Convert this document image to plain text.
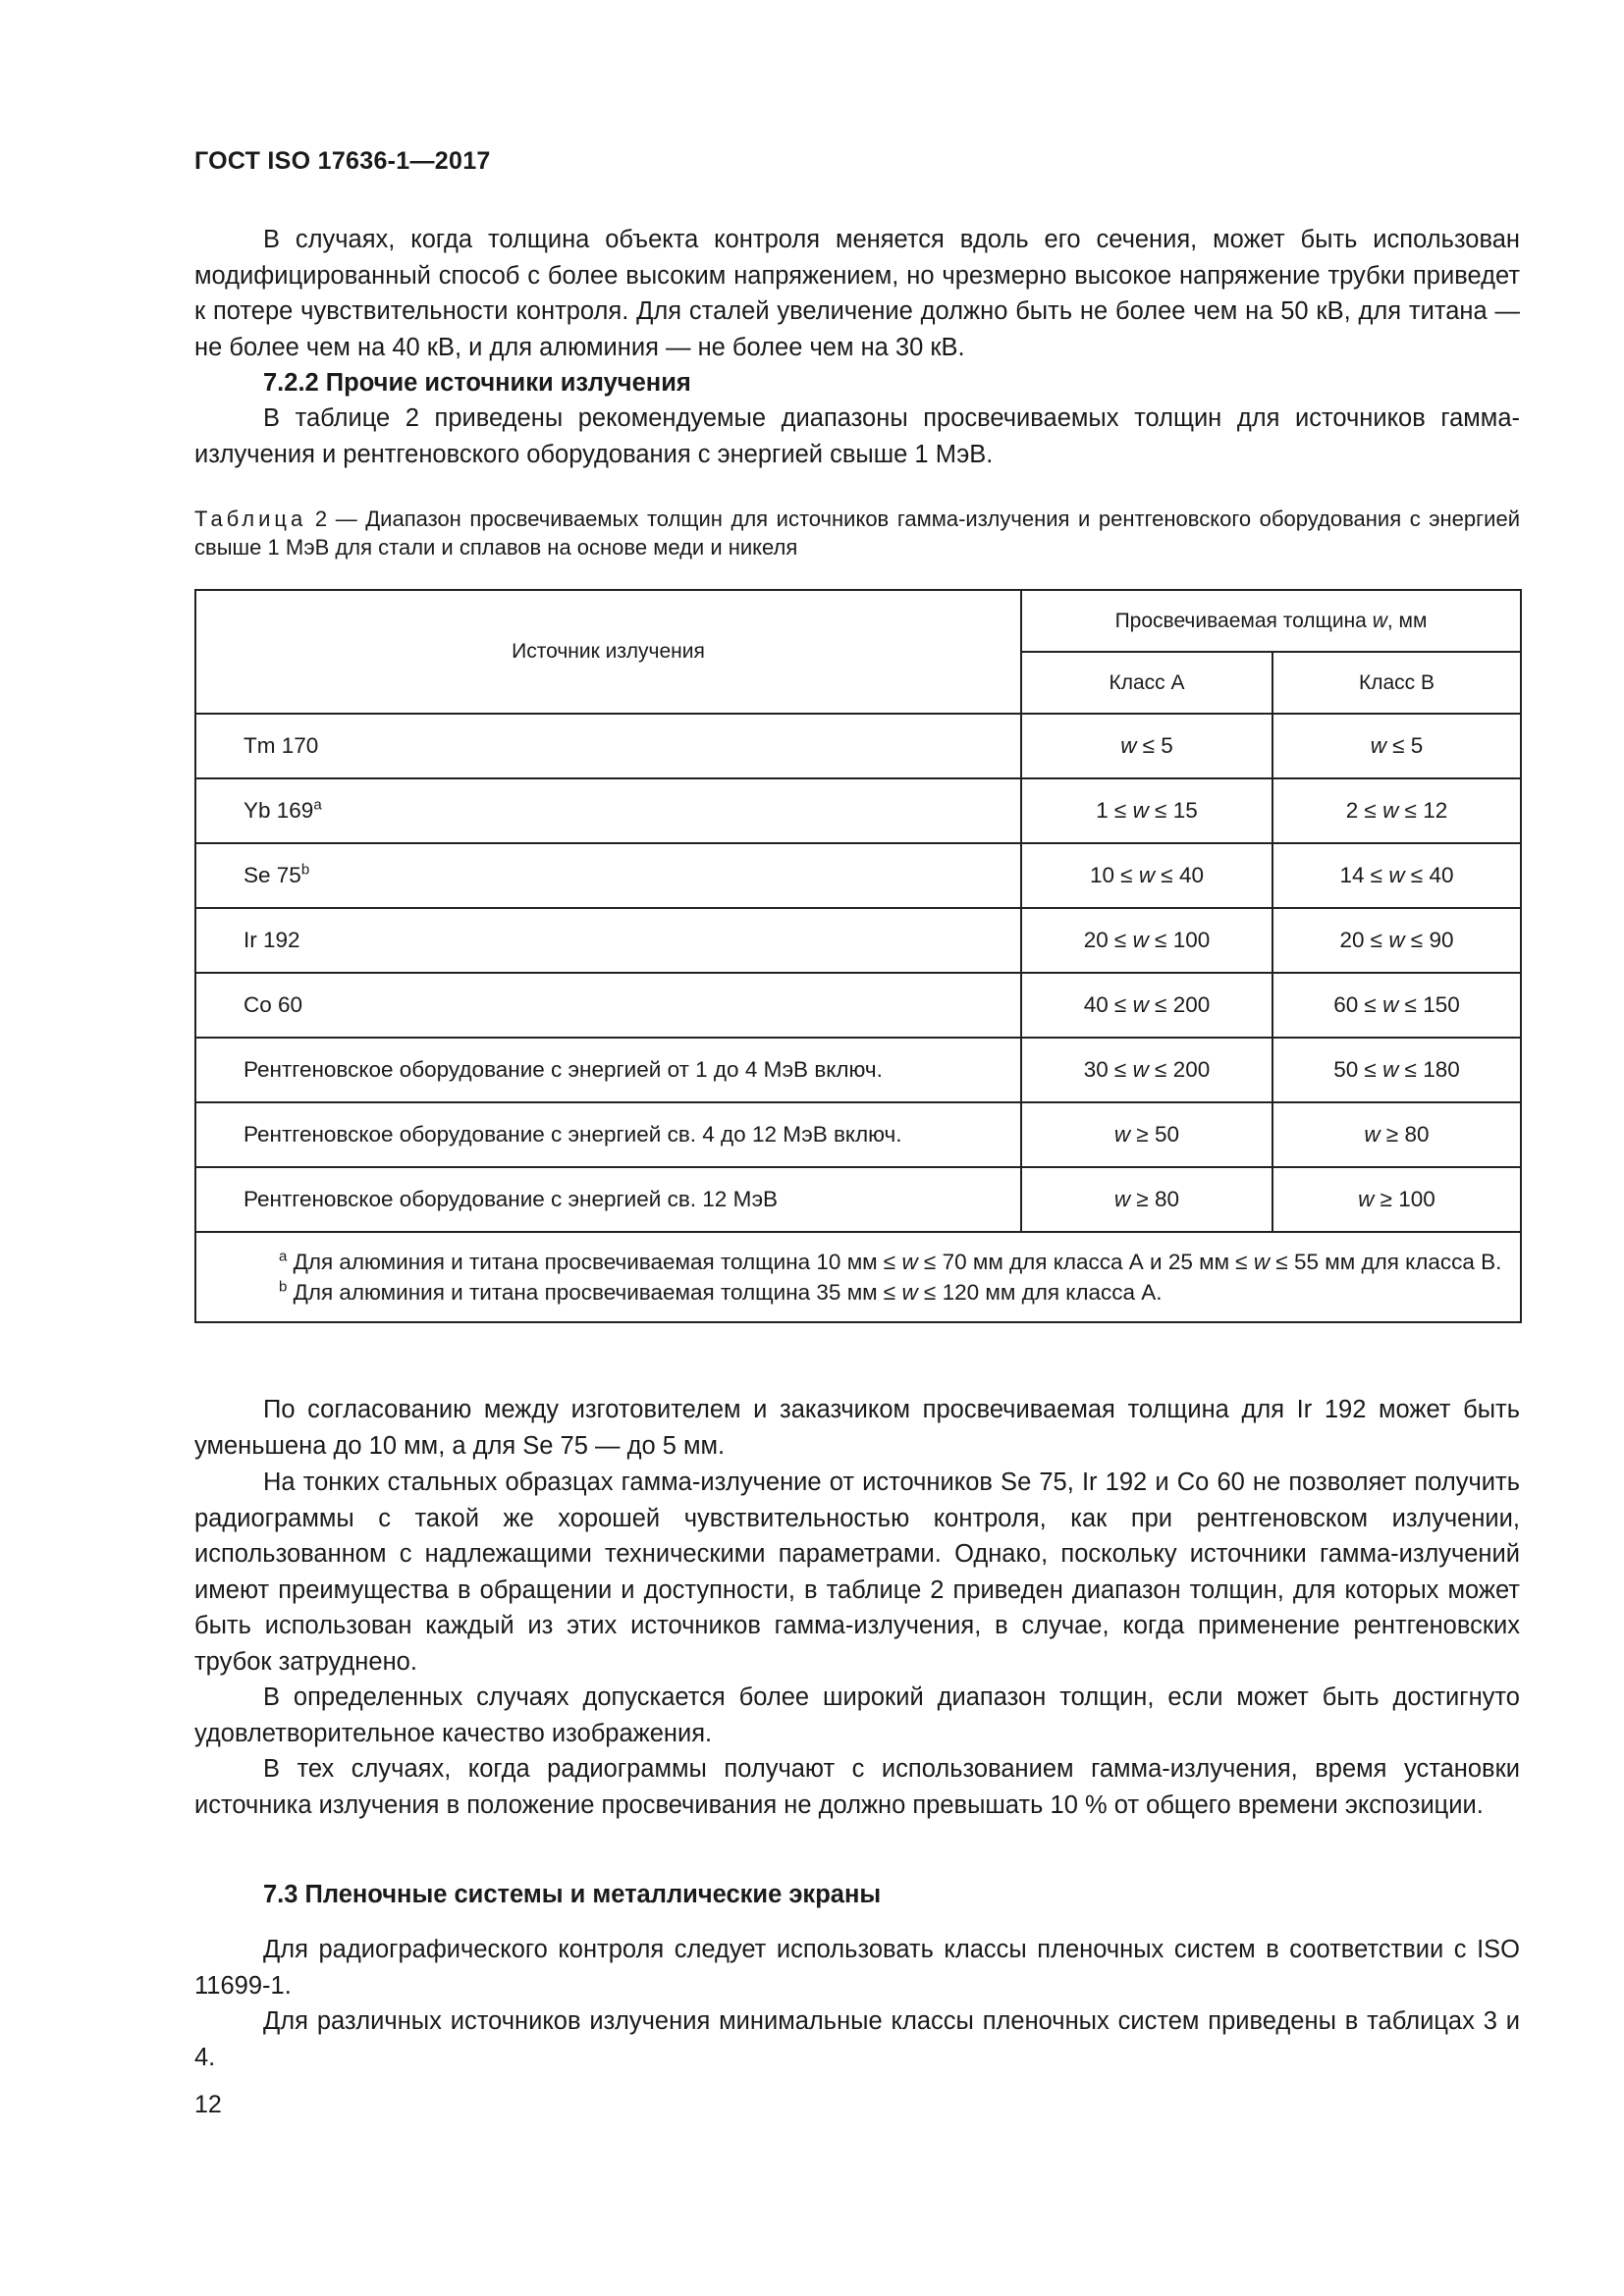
ГОСТ ISO 17636-1—2017

В случаях, когда толщина объекта контроля меняется вдоль его сечения, может быть использован модифицированный способ с более высоким напряжением, но чрезмерно высокое напряжение трубки приведет к потере чувствительности контроля. Для сталей увеличение должно быть не более чем на 50 кВ, для титана — не более чем на 40 кВ, и для алюминия — не более чем на 30 кВ.

7.2.2 Прочие источники излучения

В таблице 2 приведены рекомендуемые диапазоны просвечиваемых толщин для источников гамма-излучения и рентгеновского оборудования с энергией свыше 1 МэВ.

Таблица 2 — Диапазон просвечиваемых толщин для источников гамма-излучения и рентгеновского оборудования с энергией свыше 1 МэВ для стали и сплавов на основе меди и никеля

Источник излучения	Просвечиваемая толщина w, мм	
	Класс А	Класс В
Tm 170	w ≤ 5	w ≤ 5
Yb 169$^a$	1 ≤ w ≤ 15	2 ≤ w ≤ 12
Se 75$^b$	10 ≤ w ≤ 40	14 ≤ w ≤ 40
Ir 192	20 ≤ w ≤ 100	20 ≤ w ≤ 90
Co 60	40 ≤ w ≤ 200	60 ≤ w ≤ 150
Рентгеновское оборудование с энергией от 1 до 4 МэВ включ.	30 ≤ w ≤ 200	50 ≤ w ≤ 180
Рентгеновское оборудование с энергией св. 4 до 12 МэВ включ.	w ≥ 50	w ≥ 80
Рентгеновское оборудование с энергией св. 12 МэВ	w ≥ 80	w ≥ 100

$^a$ Для алюминия и титана просвечиваемая толщина 10 мм ≤ w ≤ 70 мм для класса А и 25 мм ≤ w ≤ 55 мм для класса В.

$^b$ Для алюминия и титана просвечиваемая толщина 35 мм ≤ w ≤ 120 мм для класса А.		

По согласованию между изготовителем и заказчиком просвечиваемая толщина для Ir 192 может быть уменьшена до 10 мм, а для Se 75 — до 5 мм.

На тонких стальных образцах гамма-излучение от источников Se 75, Ir 192 и Co 60 не позволяет получить радиограммы с такой же хорошей чувствительностью контроля, как при рентгеновском излучении, использованном с надлежащими техническими параметрами. Однако, поскольку источники гамма-излучений имеют преимущества в обращении и доступности, в таблице 2 приведен диапазон толщин, для которых может быть использован каждый из этих источников гамма-излучения, в случае, когда применение рентгеновских трубок затруднено.

В определенных случаях допускается более широкий диапазон толщин, если может быть достигнуто удовлетворительное качество изображения.

В тех случаях, когда радиограммы получают с использованием гамма-излучения, время установки источника излучения в положение просвечивания не должно превышать 10 % от общего времени экспозиции.

7.3 Пленочные системы и металлические экраны

Для радиографического контроля следует использовать классы пленочных систем в соответствии с ISO 11699-1.

Для различных источников излучения минимальные классы пленочных систем приведены в таблицах 3 и 4.

12
